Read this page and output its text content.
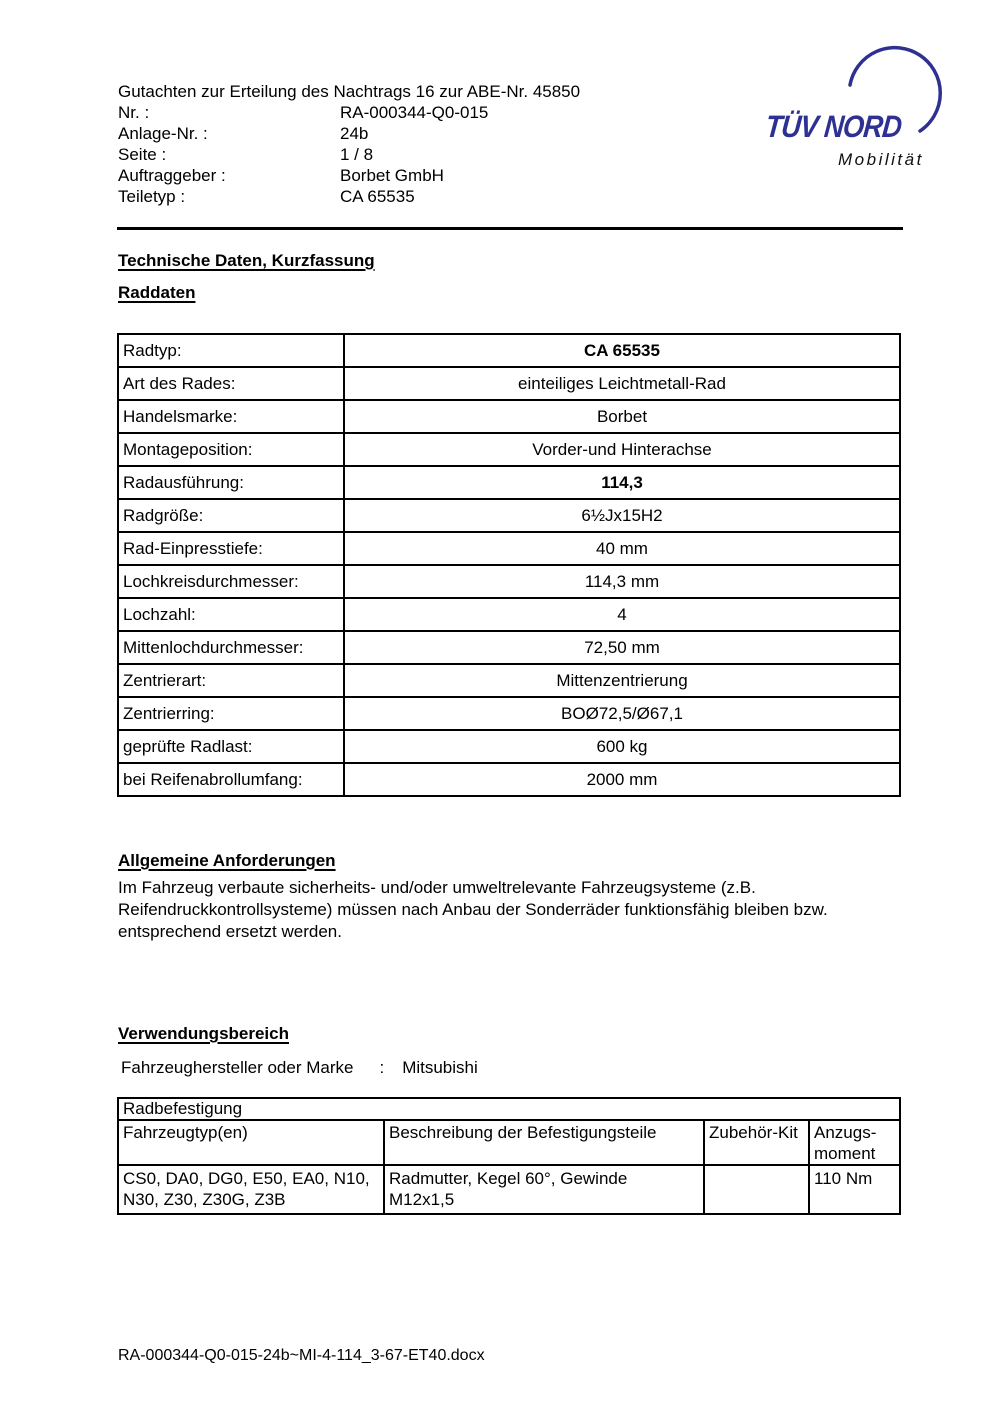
Gutachten zur Erteilung des Nachtrags 16 zur ABE-Nr. 45850
Nr. :	RA-000344-Q0-015
Anlage-Nr. :	24b
Seite :	1 / 8
Auftraggeber :	Borbet GmbH
Teiletyp :	CA 65535
TÜV NORD
Mobilität
Technische Daten, Kurzfassung
Raddaten
Radtyp:	CA 65535
Art des Rades:	einteiliges Leichtmetall-Rad
Handelsmarke:	Borbet
Montageposition:	Vorder-und Hinterachse
Radausführung:	114,3
Radgröße:	6½Jx15H2
Rad-Einpresstiefe:	40 mm
Lochkreisdurchmesser:	114,3 mm
Lochzahl:	4
Mittenlochdurchmesser:	72,50 mm
Zentrierart:	Mittenzentrierung
Zentrierring:	BOØ72,5/Ø67,1
geprüfte Radlast:	600 kg
bei Reifenabrollumfang:	2000 mm
Allgemeine Anforderungen
Im Fahrzeug verbaute sicherheits- und/oder umweltrelevante Fahrzeugsysteme (z.B. Reifendruckkontrollsysteme) müssen nach Anbau der Sonderräder funktionsfähig bleiben bzw. entsprechend ersetzt werden.
Verwendungsbereich
Fahrzeughersteller oder Marke : Mitsubishi
Radbefestigung			
Fahrzeugtyp(en)	Beschreibung der Befestigungsteile	Zubehör-Kit	Anzugs-moment

CS0, DA0, DG0, E50, EA0, N10, N30, Z30, Z30G, Z3B	Radmutter, Kegel 60°, Gewinde M12x1,5		110 Nm
RA-000344-Q0-015-24b~MI-4-114_3-67-ET40.docx
